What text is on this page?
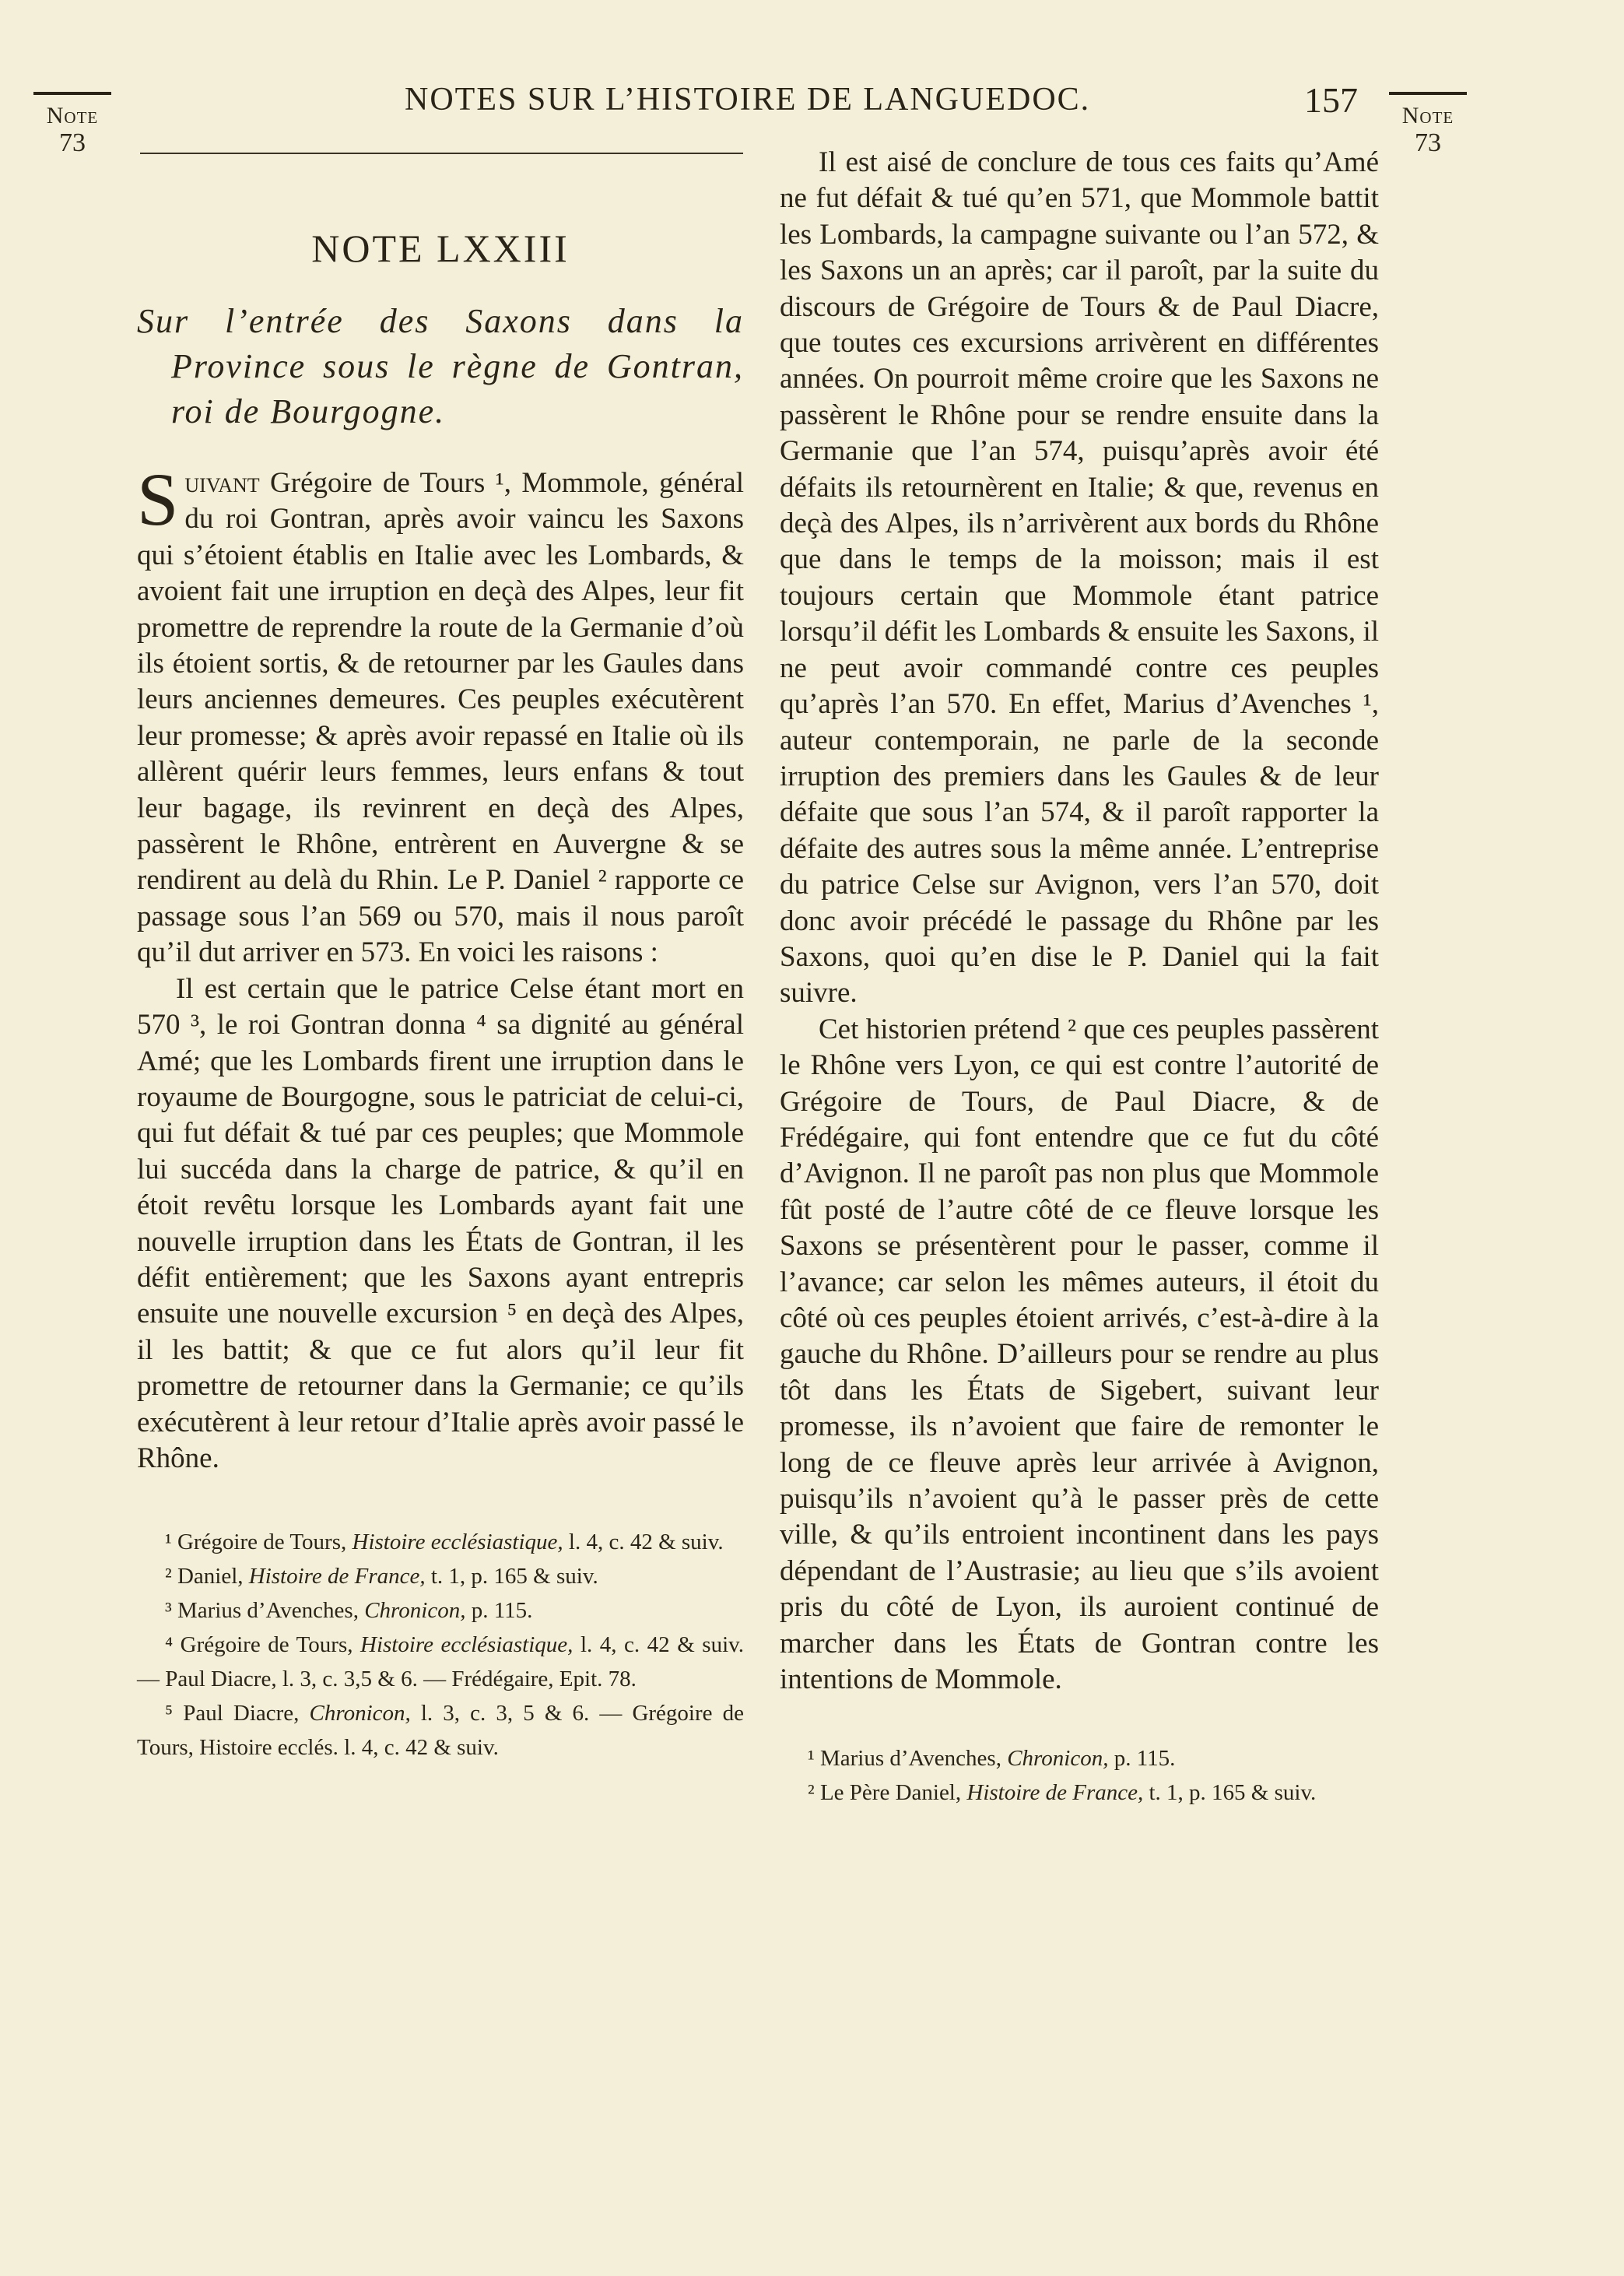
Note
73
NOTES SUR L’HISTOIRE DE LANGUEDOC.	157	Note
73
NOTE LXXIII
Sur l’entrée des Saxons dans la Province sous le règne de Gontran, roi de Bourgogne.

Suivant Grégoire de Tours ¹, Mommole, général du roi Gontran, après avoir vaincu les Saxons qui s’étoient établis en Italie avec les Lombards, & avoient fait une irruption en deçà des Alpes, leur fit promettre de reprendre la route de la Germanie d’où ils étoient sortis, & de retourner par les Gaules dans leurs anciennes demeures. Ces peuples exécutèrent leur promesse; & après avoir repassé en Italie où ils allèrent quérir leurs femmes, leurs enfans & tout leur bagage, ils revinrent en deçà des Alpes, passèrent le Rhône, entrèrent en Auvergne & se rendirent au delà du Rhin. Le P. Daniel ² rapporte ce passage sous l’an 569 ou 570, mais il nous paroît qu’il dut arriver en 573. En voici les raisons :

Il est certain que le patrice Celse étant mort en 570 ³, le roi Gontran donna ⁴ sa dignité au général Amé; que les Lombards firent une irruption dans le royaume de Bourgogne, sous le patriciat de celui-ci, qui fut défait & tué par ces peuples; que Mommole lui succéda dans la charge de patrice, & qu’il en étoit revêtu lorsque les Lombards ayant fait une nouvelle irruption dans les États de Gontran, il les défit entièrement; que les Saxons ayant entrepris ensuite une nouvelle excursion ⁵ en deçà des Alpes, il les battit; & que ce fut alors qu’il leur fit promettre de retourner dans la Germanie; ce qu’ils exécutèrent à leur retour d’Italie après avoir passé le Rhône.

¹ Grégoire de Tours, Histoire ecclésiastique, l. 4, c. 42 & suiv.

² Daniel, Histoire de France, t. 1, p. 165 & suiv.

³ Marius d’Avenches, Chronicon, p. 115.

⁴ Grégoire de Tours, Histoire ecclésiastique, l. 4, c. 42 & suiv. — Paul Diacre, l. 3, c. 3,5 & 6. — Frédégaire, Epit. 78.

⁵ Paul Diacre, Chronicon, l. 3, c. 3, 5 & 6. — Grégoire de Tours, Histoire ecclés. l. 4, c. 42 & suiv.

Il est aisé de conclure de tous ces faits qu’Amé ne fut défait & tué qu’en 571, que Mommole battit les Lombards, la campagne suivante ou l’an 572, & les Saxons un an après; car il paroît, par la suite du discours de Grégoire de Tours & de Paul Diacre, que toutes ces excursions arrivèrent en différentes années. On pourroit même croire que les Saxons ne passèrent le Rhône pour se rendre ensuite dans la Germanie que l’an 574, puisqu’après avoir été défaits ils retournèrent en Italie; & que, revenus en deçà des Alpes, ils n’arrivèrent aux bords du Rhône que dans le temps de la moisson; mais il est toujours certain que Mommole étant patrice lorsqu’il défit les Lombards & ensuite les Saxons, il ne peut avoir commandé contre ces peuples qu’après l’an 570. En effet, Marius d’Avenches ¹, auteur contemporain, ne parle de la seconde irruption des premiers dans les Gaules & de leur défaite que sous l’an 574, & il paroît rapporter la défaite des autres sous la même année. L’entreprise du patrice Celse sur Avignon, vers l’an 570, doit donc avoir précédé le passage du Rhône par les Saxons, quoi qu’en dise le P. Daniel qui la fait suivre.

Cet historien prétend ² que ces peuples passèrent le Rhône vers Lyon, ce qui est contre l’autorité de Grégoire de Tours, de Paul Diacre, & de Frédégaire, qui font entendre que ce fut du côté d’Avignon. Il ne paroît pas non plus que Mommole fût posté de l’autre côté de ce fleuve lorsque les Saxons se présentèrent pour le passer, comme il l’avance; car selon les mêmes auteurs, il étoit du côté où ces peuples étoient arrivés, c’est-à-dire à la gauche du Rhône. D’ailleurs pour se rendre au plus tôt dans les États de Sigebert, suivant leur promesse, ils n’avoient que faire de remonter le long de ce fleuve après leur arrivée à Avignon, puisqu’ils n’avoient qu’à le passer près de cette ville, & qu’ils entroient incontinent dans les pays dépendant de l’Austrasie; au lieu que s’ils avoient pris du côté de Lyon, ils auroient continué de marcher dans les États de Gontran contre les intentions de Mommole.

¹ Marius d’Avenches, Chronicon, p. 115.

² Le Père Daniel, Histoire de France, t. 1, p. 165 & suiv.
